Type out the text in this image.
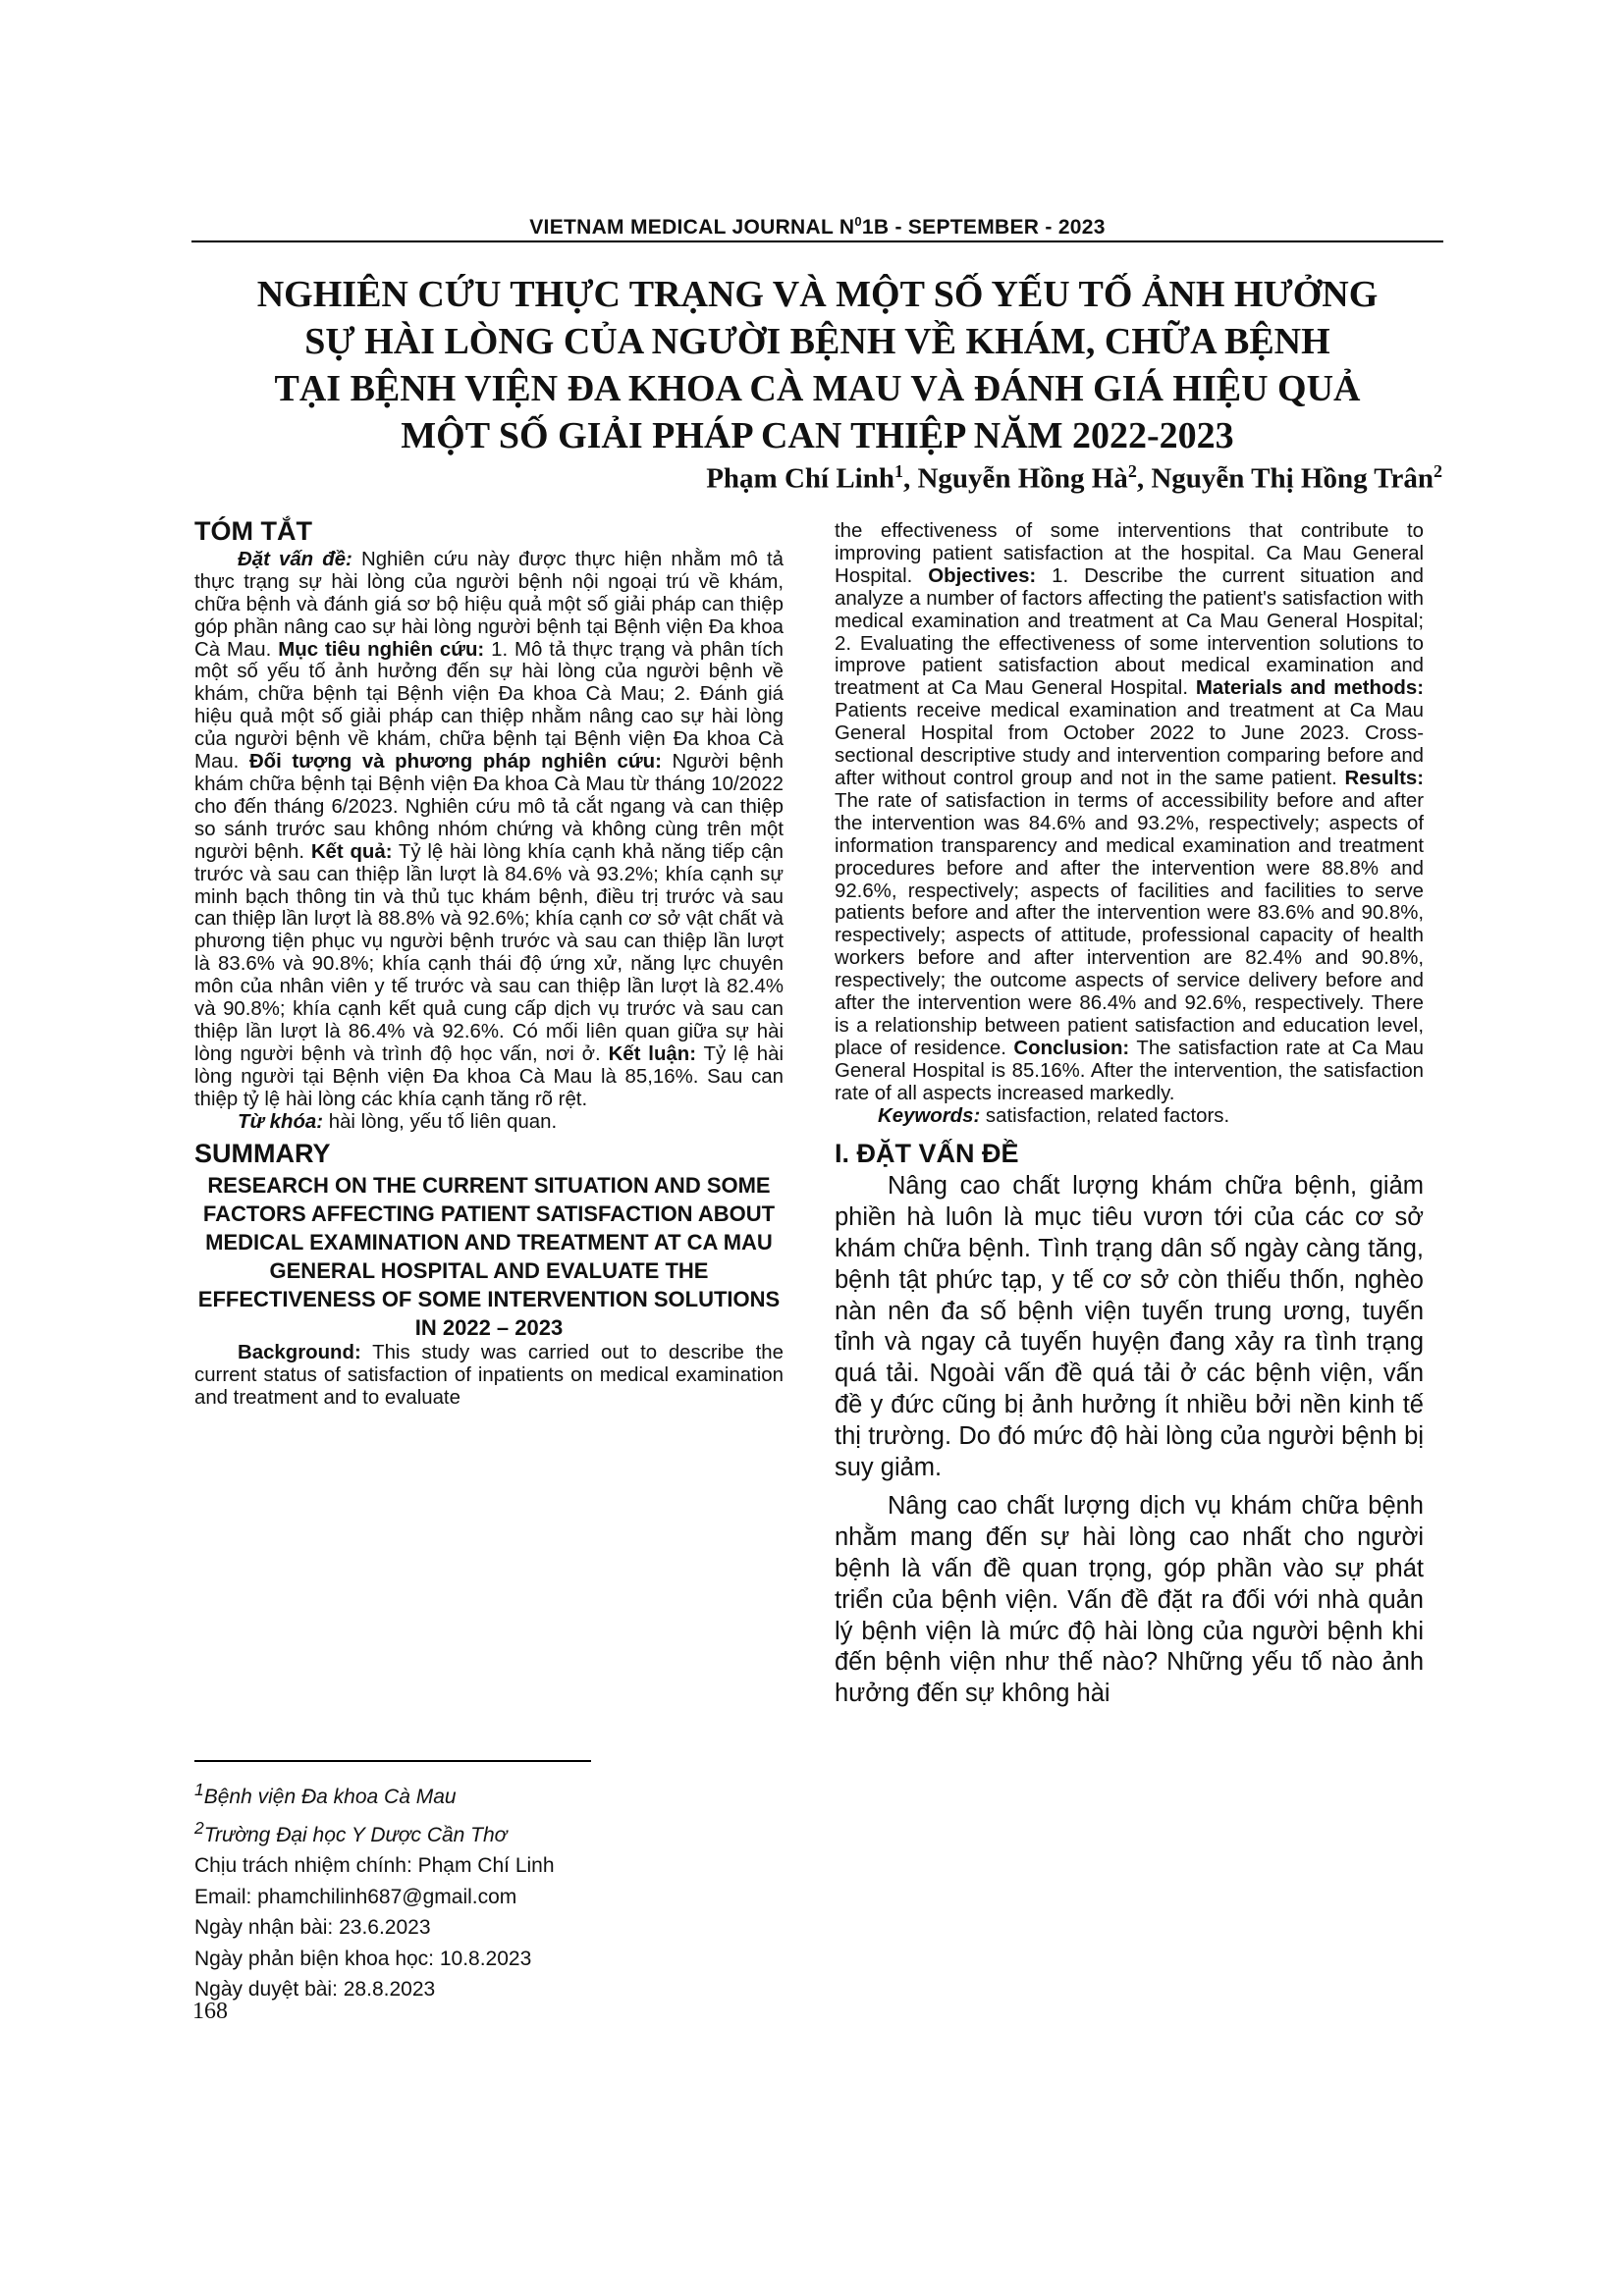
VIETNAM MEDICAL JOURNAL $N^01B$ - SEPTEMBER - 2023
NGHIÊN CỨU THỰC TRẠNG VÀ MỘT SỐ YẾU TỐ ẢNH HƯỞNG
SỰ HÀI LÒNG CỦA NGƯỜI BỆNH VỀ KHÁM, CHỮA BỆNH
TẠI BỆNH VIỆN ĐA KHOA CÀ MAU VÀ ĐÁNH GIÁ HIỆU QUẢ
MỘT SỐ GIẢI PHÁP CAN THIỆP NĂM 2022-2023
Phạm Chí Linh$^1$, Nguyễn Hồng $Hà^2$, Nguyễn Thị Hồng Trân$^2$
TÓM TẮT

Đặt vấn đề: Nghiên cứu này được thực hiện nhằm mô tả thực trạng sự hài lòng của người bệnh nội ngoại trú về khám, chữa bệnh và đánh giá sơ bộ hiệu quả một số giải pháp can thiệp góp phần nâng cao sự hài lòng người bệnh tại Bệnh viện Đa khoa Cà Mau. Mục tiêu nghiên cứu: 1. Mô tả thực trạng và phân tích một số yếu tố ảnh hưởng đến sự hài lòng của người bệnh về khám, chữa bệnh tại Bệnh viện Đa khoa Cà Mau; 2. Đánh giá hiệu quả một số giải pháp can thiệp nhằm nâng cao sự hài lòng của người bệnh về khám, chữa bệnh tại Bệnh viện Đa khoa Cà Mau. Đối tượng và phương pháp nghiên cứu: Người bệnh khám chữa bệnh tại Bệnh viện Đa khoa Cà Mau từ tháng 10/2022 cho đến tháng 6/2023. Nghiên cứu mô tả cắt ngang và can thiệp so sánh trước sau không nhóm chứng và không cùng trên một người bệnh. Kết quả: Tỷ lệ hài lòng khía cạnh khả năng tiếp cận trước và sau can thiệp lần lượt là 84.6% và 93.2%; khía cạnh sự minh bạch thông tin và thủ tục khám bệnh, điều trị trước và sau can thiệp lần lượt là 88.8% và 92.6%; khía cạnh cơ sở vật chất và phương tiện phục vụ người bệnh trước và sau can thiệp lần lượt là 83.6% và 90.8%; khía cạnh thái độ ứng xử, năng lực chuyên môn của nhân viên y tế trước và sau can thiệp lần lượt là 82.4% và 90.8%; khía cạnh kết quả cung cấp dịch vụ trước và sau can thiệp lần lượt là 86.4% và 92.6%. Có mối liên quan giữa sự hài lòng người bệnh và trình độ học vấn, nơi ở. Kết luận: Tỷ lệ hài lòng người tại Bệnh viện Đa khoa Cà Mau là 85,16%. Sau can thiệp tỷ lệ hài lòng các khía cạnh tăng rõ rệt.

Từ khóa: hài lòng, yếu tố liên quan.

SUMMARY
RESEARCH ON THE CURRENT SITUATION AND SOME FACTORS AFFECTING PATIENT SATISFACTION ABOUT MEDICAL EXAMINATION AND TREATMENT AT CA MAU GENERAL HOSPITAL AND EVALUATE THE EFFECTIVENESS OF SOME INTERVENTION SOLUTIONS IN 2022 – 2023

Background: This study was carried out to describe the current status of satisfaction of inpatients on medical examination and treatment and to evaluate

$^1$Bệnh viện Đa khoa Cà Mau
$^2$Trường Đại học Y Dược Cần Thơ
Chịu trách nhiệm chính: Phạm Chí Linh
Email: phamchilinh687@gmail.com
Ngày nhận bài: 23.6.2023
Ngày phản biện khoa học: 10.8.2023
Ngày duyệt bài: 28.8.2023
168

the effectiveness of some interventions that contribute to improving patient satisfaction at the hospital. Ca Mau General Hospital. Objectives: 1. Describe the current situation and analyze a number of factors affecting the patient's satisfaction with medical examination and treatment at Ca Mau General Hospital; 2. Evaluating the effectiveness of some intervention solutions to improve patient satisfaction about medical examination and treatment at Ca Mau General Hospital. Materials and methods: Patients receive medical examination and treatment at Ca Mau General Hospital from October 2022 to June 2023. Cross-sectional descriptive study and intervention comparing before and after without control group and not in the same patient. Results: The rate of satisfaction in terms of accessibility before and after the intervention was 84.6% and 93.2%, respectively; aspects of information transparency and medical examination and treatment procedures before and after the intervention were 88.8% and 92.6%, respectively; aspects of facilities and facilities to serve patients before and after the intervention were 83.6% and 90.8%, respectively; aspects of attitude, professional capacity of health workers before and after intervention are 82.4% and 90.8%, respectively; the outcome aspects of service delivery before and after the intervention were 86.4% and 92.6%, respectively. There is a relationship between patient satisfaction and education level, place of residence. Conclusion: The satisfaction rate at Ca Mau General Hospital is 85.16%. After the intervention, the satisfaction rate of all aspects increased markedly.

Keywords: satisfaction, related factors.

I. ĐẶT VẤN ĐỀ

Nâng cao chất lượng khám chữa bệnh, giảm phiền hà luôn là mục tiêu vươn tới của các cơ sở khám chữa bệnh. Tình trạng dân số ngày càng tăng, bệnh tật phức tạp, y tế cơ sở còn thiếu thốn, nghèo nàn nên đa số bệnh viện tuyến trung ương, tuyến tỉnh và ngay cả tuyến huyện đang xảy ra tình trạng quá tải. Ngoài vấn đề quá tải ở các bệnh viện, vấn đề y đức cũng bị ảnh hưởng ít nhiều bởi nền kinh tế thị trường. Do đó mức độ hài lòng của người bệnh bị suy giảm.

Nâng cao chất lượng dịch vụ khám chữa bệnh nhằm mang đến sự hài lòng cao nhất cho người bệnh là vấn đề quan trọng, góp phần vào sự phát triển của bệnh viện. Vấn đề đặt ra đối với nhà quản lý bệnh viện là mức độ hài lòng của người bệnh khi đến bệnh viện như thế nào? Những yếu tố nào ảnh hưởng đến sự không hài
